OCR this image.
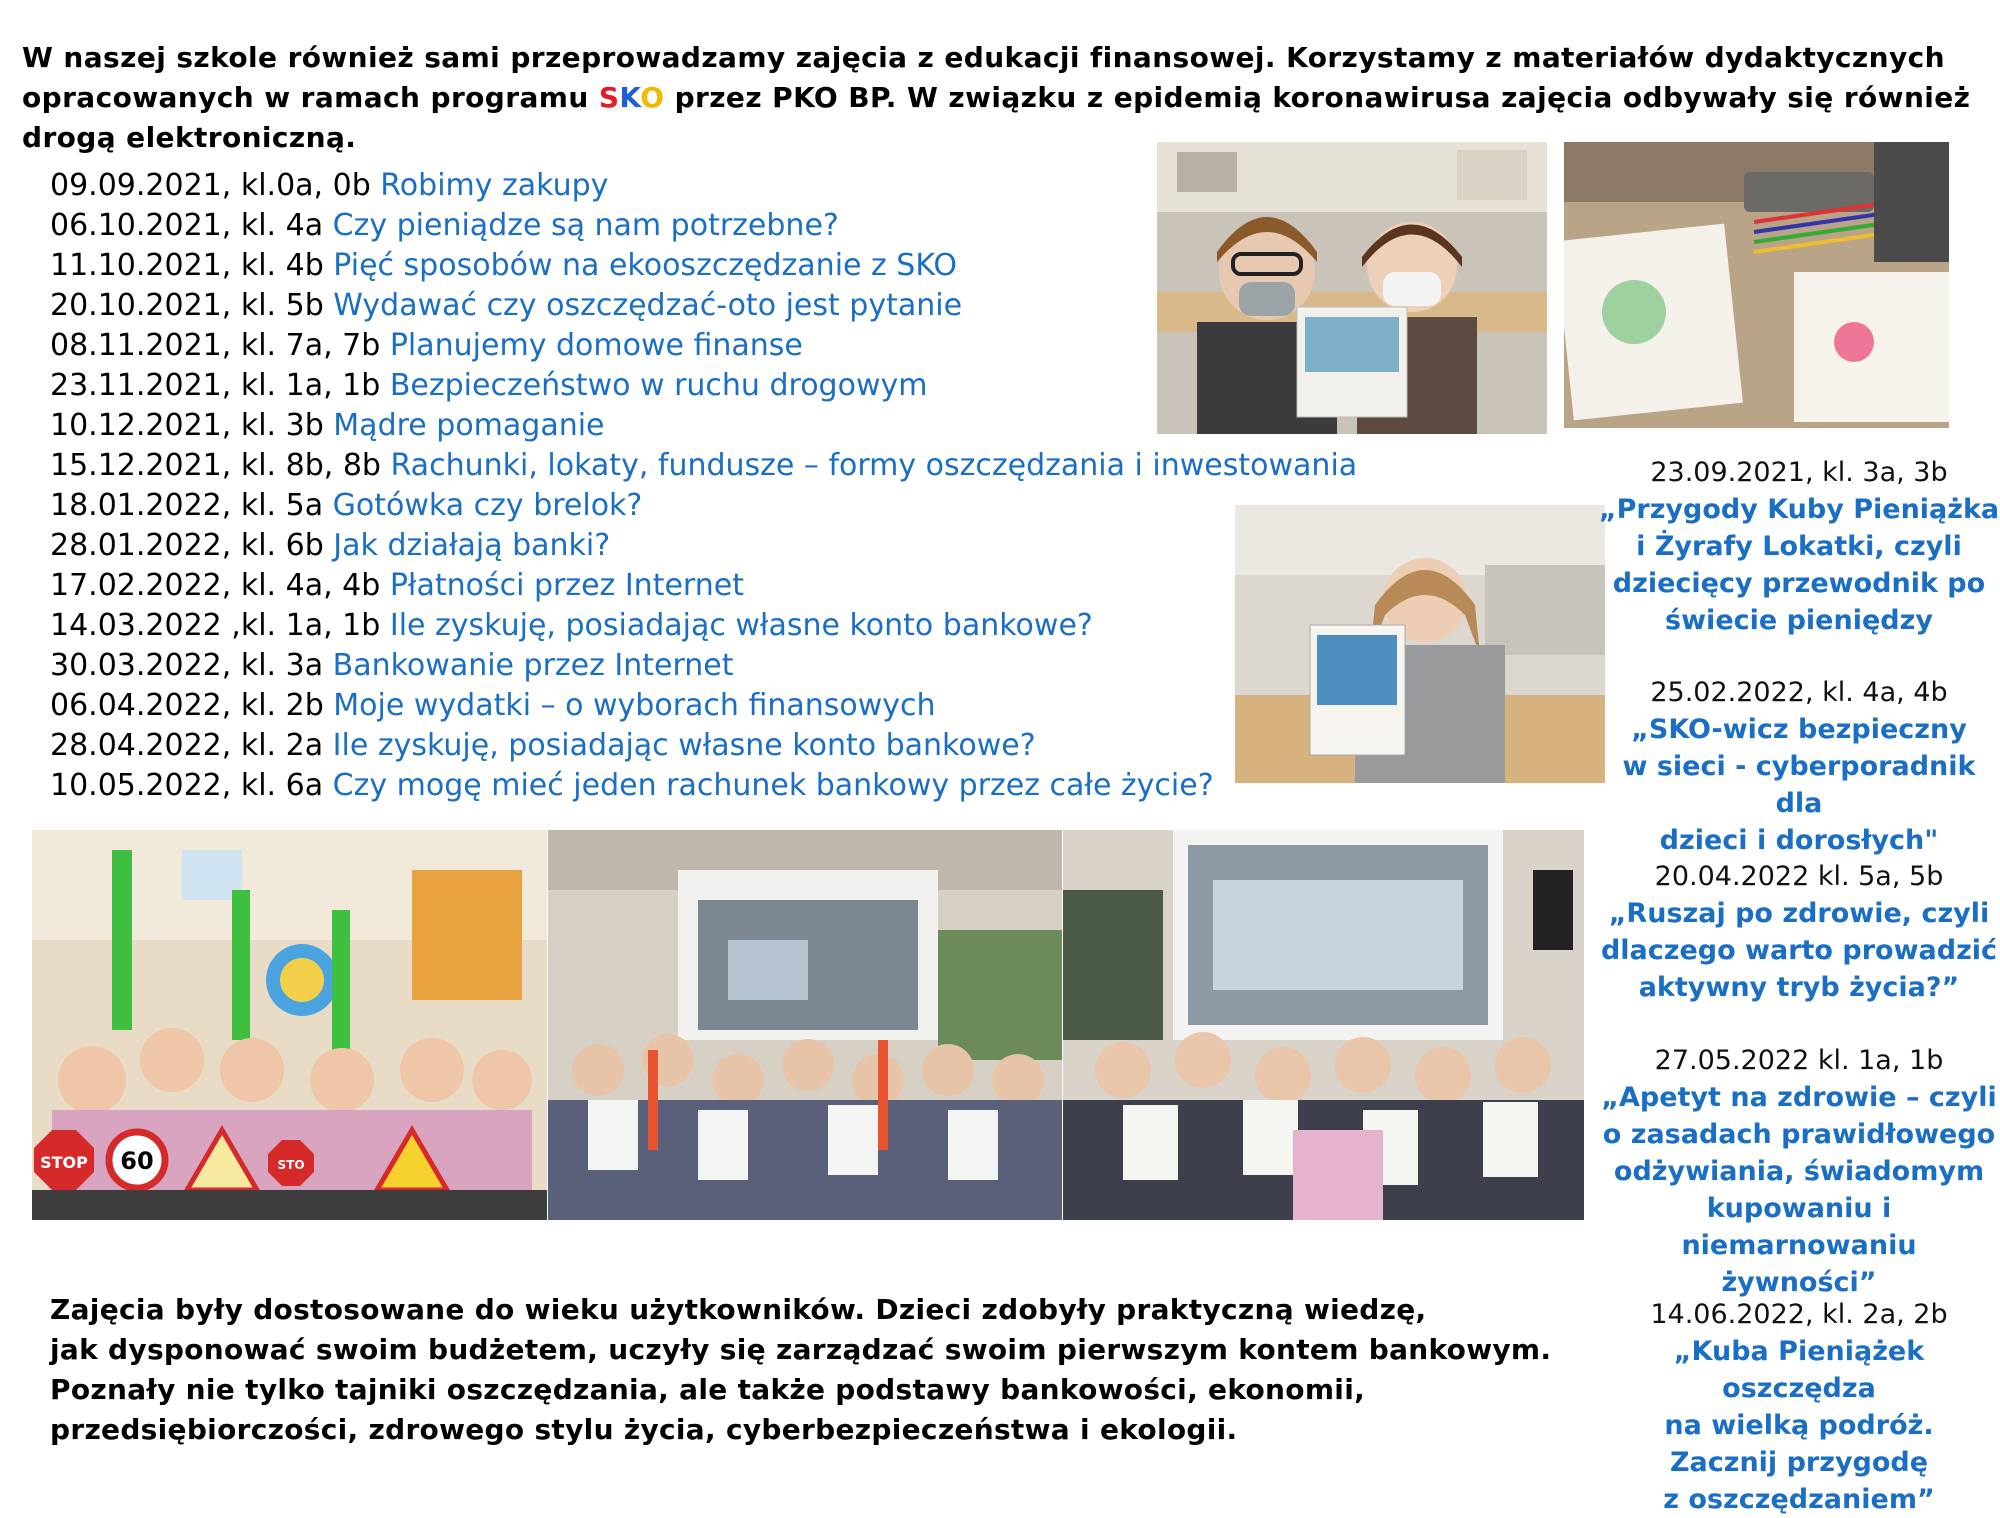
W naszej szkole również sami przeprowadzamy zajęcia z edukacji finansowej. Korzystamy z materiałów dydaktycznych
opracowanych w ramach programu SKO przez PKO BP. W związku z epidemią koronawirusa zajęcia odbywały się również
drogą elektroniczną.
09.09.2021, kl.0a, 0b Robimy zakupy
06.10.2021, kl. 4a Czy pieniądze są nam potrzebne?
11.10.2021, kl. 4b Pięć sposobów na ekooszczędzanie z SKO
20.10.2021, kl. 5b Wydawać czy oszczędzać-oto jest pytanie
08.11.2021, kl. 7a, 7b Planujemy domowe finanse
23.11.2021, kl. 1a, 1b Bezpieczeństwo w ruchu drogowym
10.12.2021, kl. 3b Mądre pomaganie
15.12.2021, kl. 8b, 8b Rachunki, lokaty, fundusze – formy oszczędzania i inwestowania
18.01.2022, kl. 5a Gotówka czy brelok?
28.01.2022, kl. 6b Jak działają banki?
17.02.2022, kl. 4a, 4b Płatności przez Internet
14.03.2022 ,kl. 1a, 1b Ile zyskuję, posiadając własne konto bankowe?
30.03.2022, kl. 3a Bankowanie przez Internet
06.04.2022, kl. 2b Moje wydatki – o wyborach finansowych
28.04.2022, kl. 2a Ile zyskuję, posiadając własne konto bankowe?
10.05.2022, kl. 6a Czy mogę mieć jeden rachunek bankowy przez całe życie?
STOP 60	STO
23.09.2021, kl. 3a, 3b
„Przygody Kuby Pieniążka
i Żyrafy Lokatki, czyli
dziecięcy przewodnik po
świecie pieniędzy
25.02.2022, kl. 4a, 4b
„SKO-wicz bezpieczny
w sieci - cyberporadnik dla
dzieci i dorosłych"
20.04.2022 kl. 5a, 5b
„Ruszaj po zdrowie, czyli
dlaczego warto prowadzić
aktywny tryb życia?”
27.05.2022 kl. 1a, 1b
„Apetyt na zdrowie – czyli
o zasadach prawidłowego
odżywiania, świadomym
kupowaniu i niemarnowaniu
żywności”
14.06.2022, kl. 2a, 2b
„Kuba Pieniążek oszczędza
na wielką podróż.
Zacznij przygodę
z oszczędzaniem”
Zajęcia były dostosowane do wieku użytkowników. Dzieci zdobyły praktyczną wiedzę,
jak dysponować swoim budżetem, uczyły się zarządzać swoim pierwszym kontem bankowym.
Poznały nie tylko tajniki oszczędzania, ale także podstawy bankowości, ekonomii,
przedsiębiorczości, zdrowego stylu życia, cyberbezpieczeństwa i ekologii.
